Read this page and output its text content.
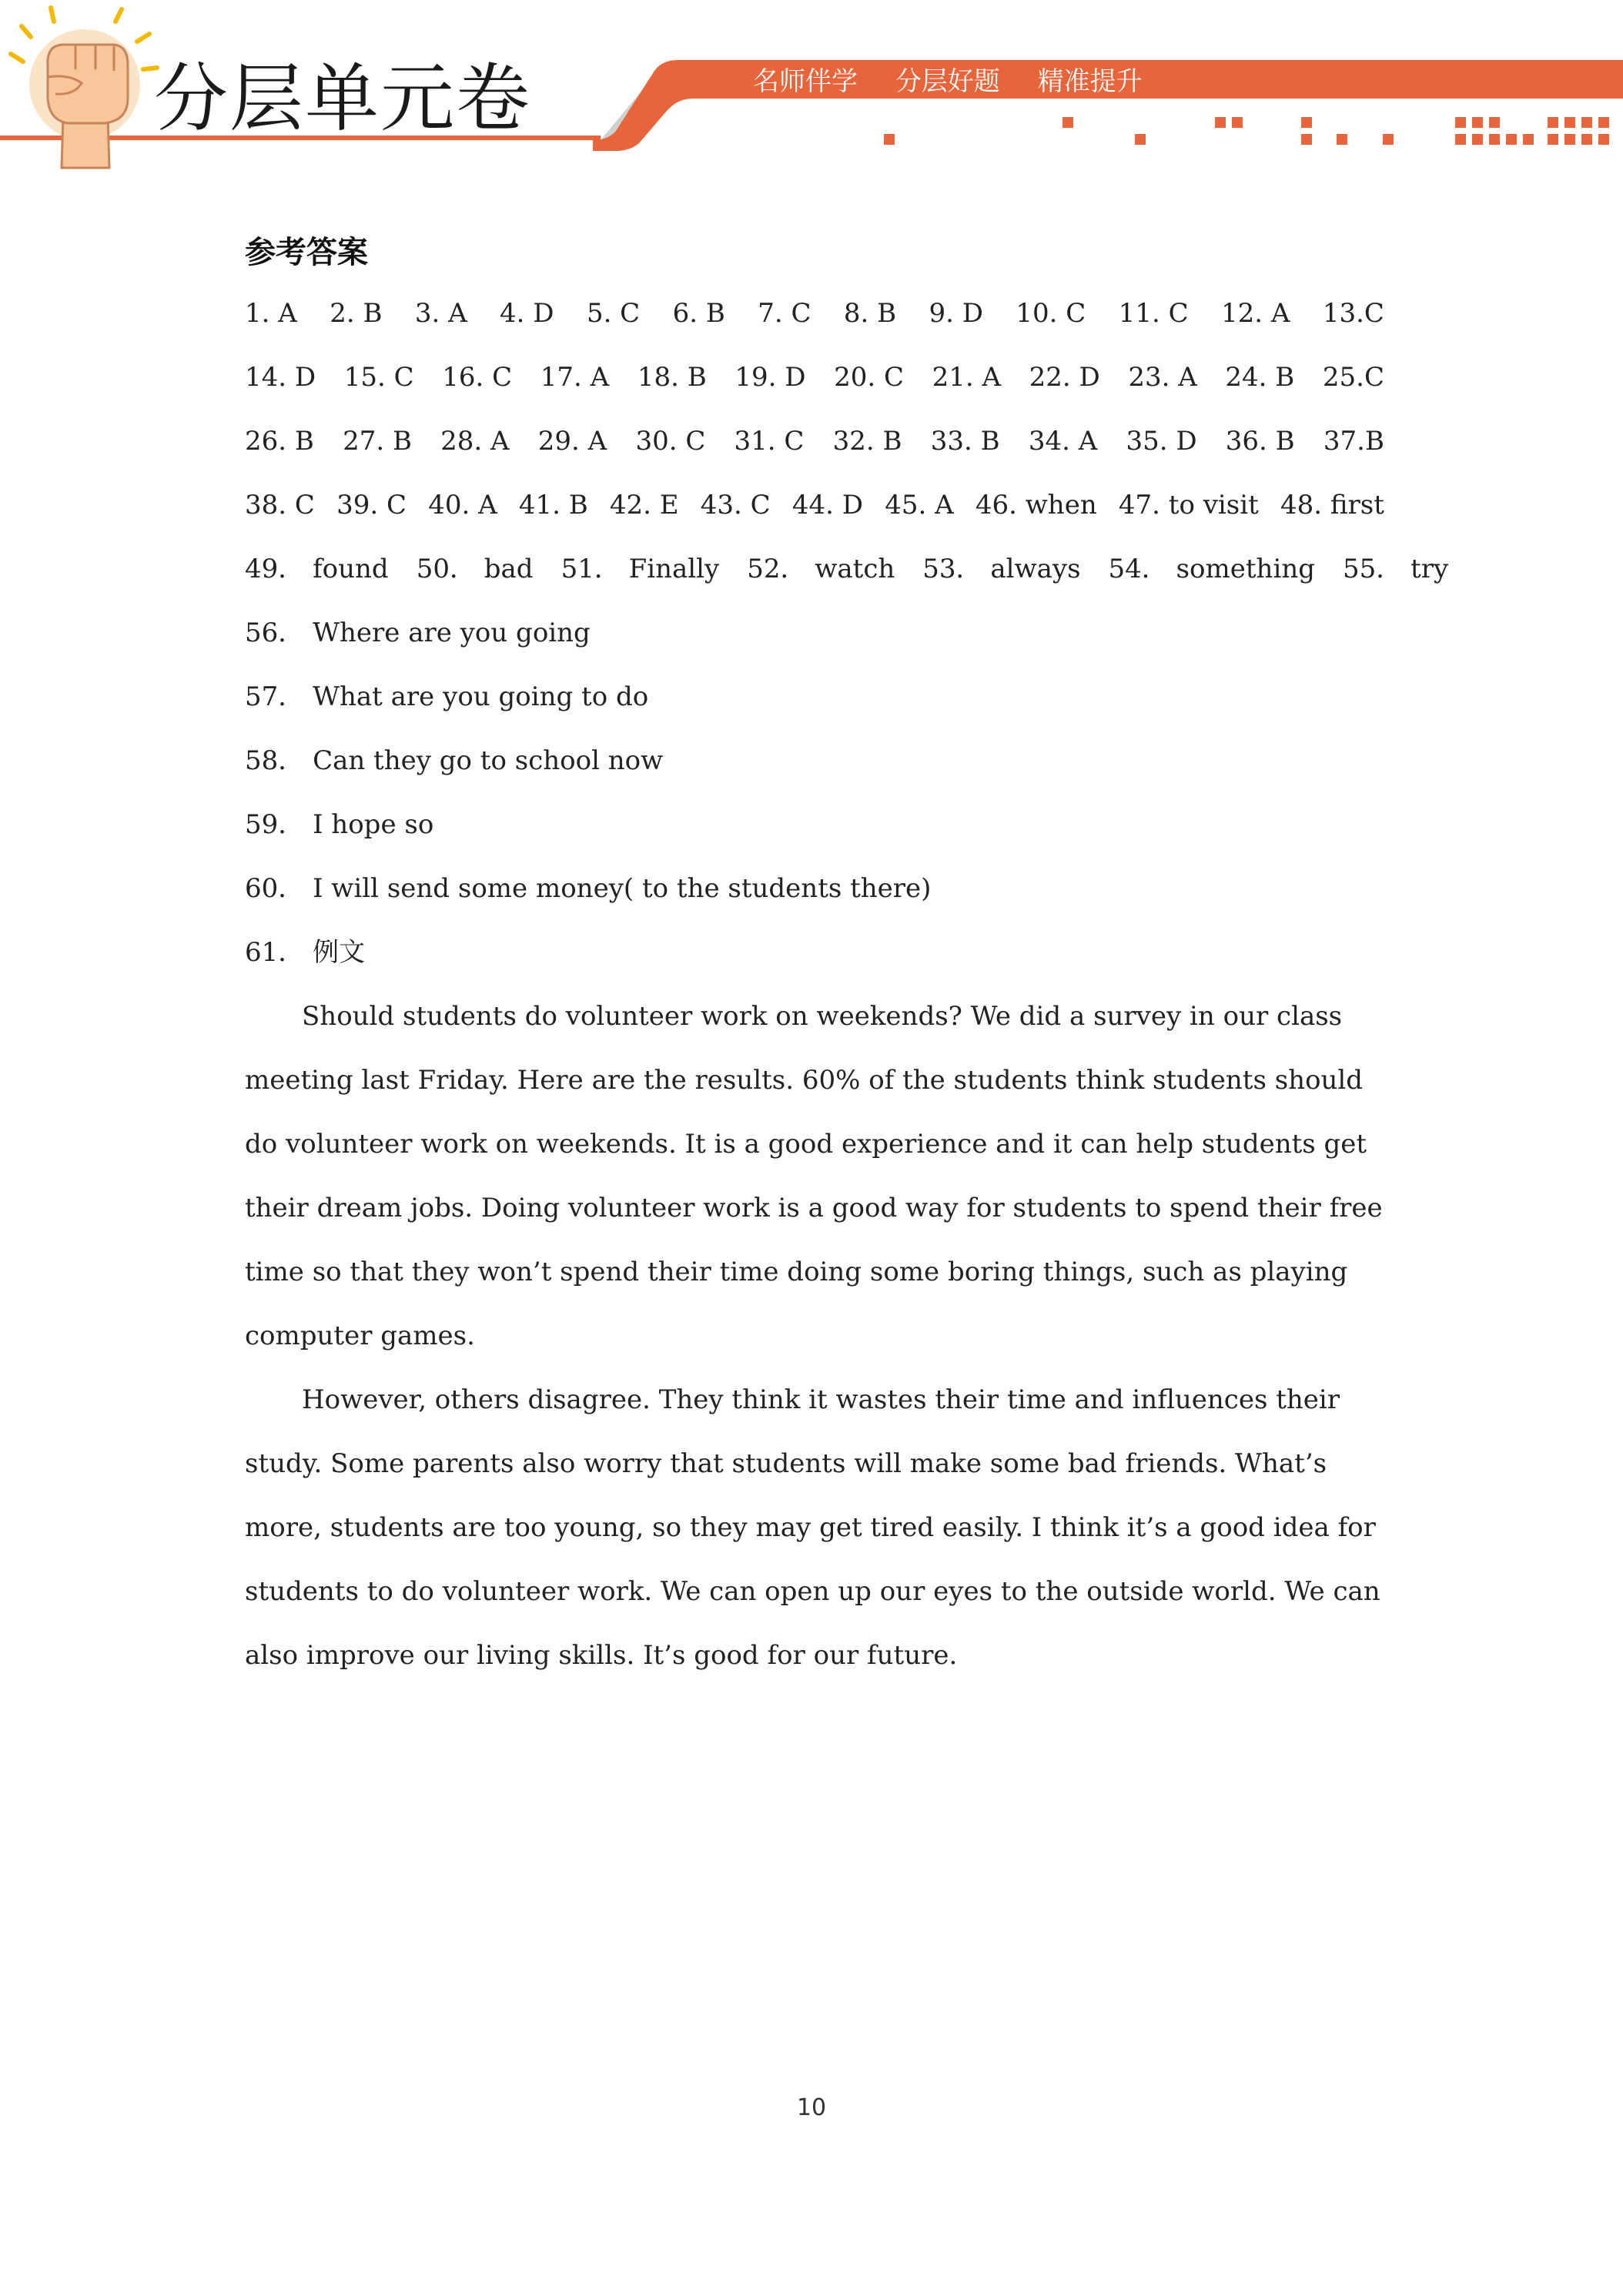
分层单元卷	名师伴学 分层好题 精准提升
参考答案
1. A 2. B 3. A 4. D 5. C 6. B 7. C 8. B 9. D 10. C 11. C 12. A 13.C
14. D 15. C 16. C 17. A 18. B 19. D 20. C 21. A 22. D 23. A 24. B 25.C
26. B 27. B 28. A 29. A 30. C 31. C 32. B 33. B 34. A 35. D 36. B 37.B
38. C 39. C 40. A 41. B 42. E 43. C 44. D 45. A 46. when 47. to visit 48. first
49． found 50． bad 51． Finally 52． watch 53． always 54． something 55． try
56． Where are you going
57． What are you going to do
58． Can they go to school now
59． I hope so
60． I will send some money( to the students there)
61． 例文

Should students do volunteer work on weekends? We did a survey in our class meeting last Friday. Here are the results. 60% of the students think students should do volunteer work on weekends. It is a good experience and it can help students get their dream jobs. Doing volunteer work is a good way for students to spend their free time so that they won’t spend their time doing some boring things, such as playing computer games.

However, others disagree. They think it wastes their time and influences their study. Some parents also worry that students will make some bad friends. What’s more, students are too young, so they may get tired easily. I think it’s a good idea for students to do volunteer work. We can open up our eyes to the outside world. We can also improve our living skills. It’s good for our future.

10
